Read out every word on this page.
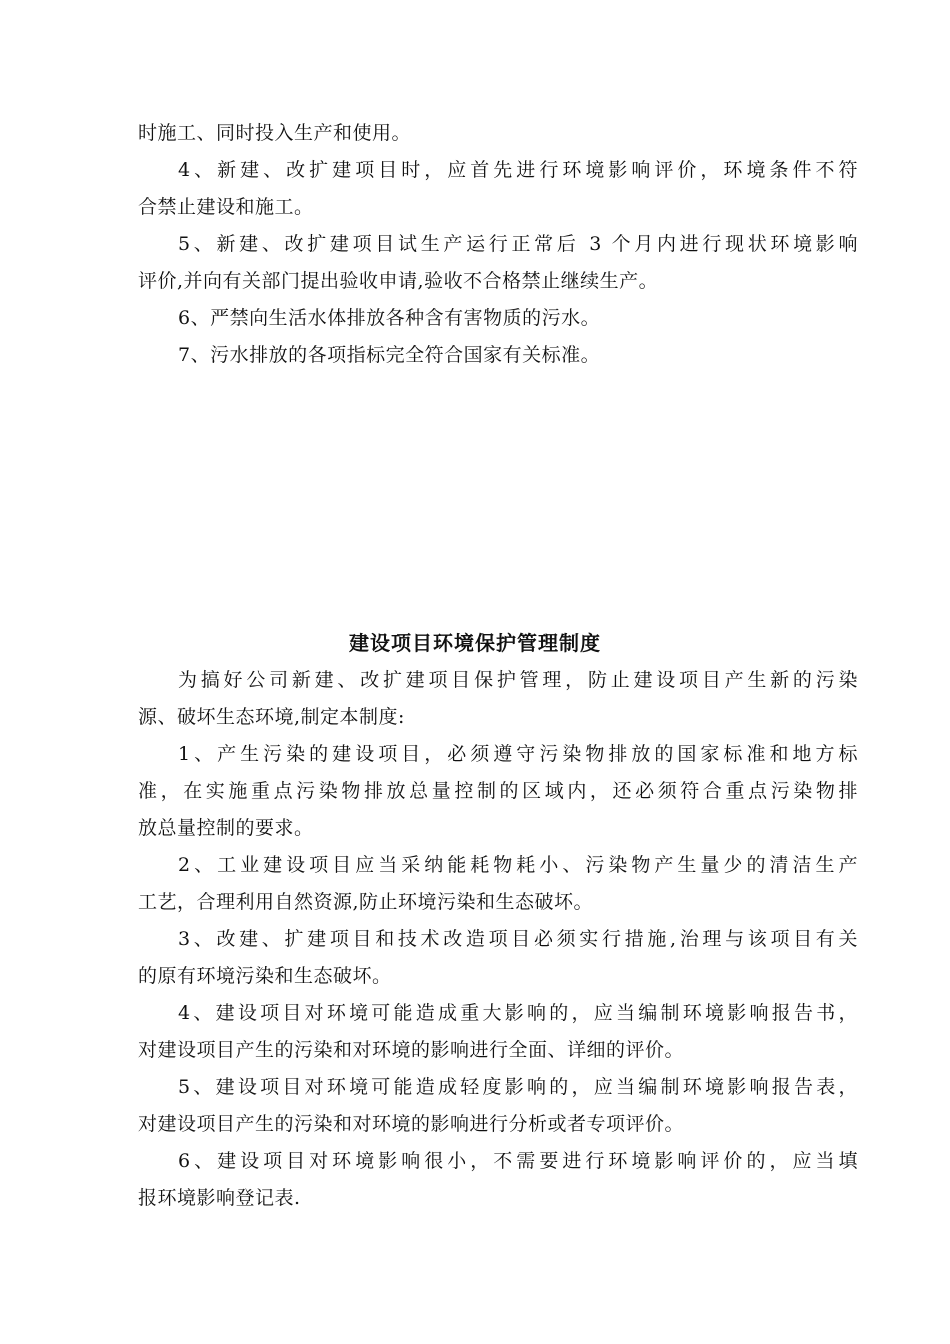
时施工、同时投入生产和使用。
4、新建、改扩建项目时，应首先进行环境影响评价，环境条件不符
合禁止建设和施工。
5、新建、改扩建项目试生产运行正常后 3 个月内进行现状环境影响
评价,并向有关部门提出验收申请,验收不合格禁止继续生产。
6、严禁向生活水体排放各种含有害物质的污水。
7、污水排放的各项指标完全符合国家有关标准。
建设项目环境保护管理制度
为搞好公司新建、改扩建项目保护管理，防止建设项目产生新的污染
源、破坏生态环境,制定本制度:
1、产生污染的建设项目，必须遵守污染物排放的国家标准和地方标
准，在实施重点污染物排放总量控制的区域内，还必须符合重点污染物排
放总量控制的要求。
2、工业建设项目应当采纳能耗物耗小、污染物产生量少的清洁生产
工艺，合理利用自然资源,防止环境污染和生态破坏。
3、改建、扩建项目和技术改造项目必须实行措施,治理与该项目有关
的原有环境污染和生态破坏。
4、建设项目对环境可能造成重大影响的，应当编制环境影响报告书，
对建设项目产生的污染和对环境的影响进行全面、详细的评价。
5、建设项目对环境可能造成轻度影响的，应当编制环境影响报告表，
对建设项目产生的污染和对环境的影响进行分析或者专项评价。
6、建设项目对环境影响很小，不需要进行环境影响评价的，应当填
报环境影响登记表.
